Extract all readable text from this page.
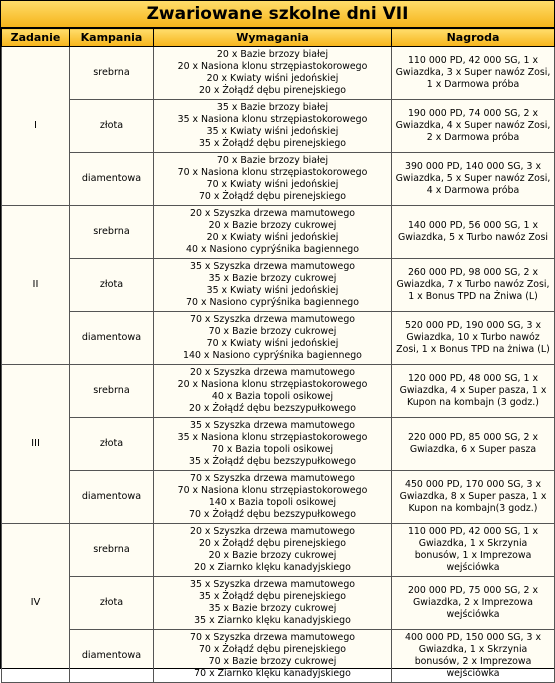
Zwariowane szkolne dni VII
Zadanie	Kampania	Wymagania	Nagroda
I	srebrna	20 x Bazie brzozy białej
20 x Nasiona klonu strzępiastokorowego
20 x Kwiaty wiśni jedońskiej
20 x Żołądź dębu pirenejskiego	110 000 PD, 42 000 SG, 1 x Gwiazdka, 3 x Super nawóz Zosi, 1 x Darmowa próba
	złota	35 x Bazie brzozy białej
35 x Nasiona klonu strzępiastokorowego
35 x Kwiaty wiśni jedońskiej
35 x Żołądź dębu pirenejskiego	190 000 PD, 74 000 SG, 2 x Gwiazdka, 4 x Super nawóz Zosi, 2 x Darmowa próba
	diamentowa	70 x Bazie brzozy białej
70 x Nasiona klonu strzępiastokorowego
70 x Kwiaty wiśni jedońskiej
70 x Żołądź dębu pirenejskiego	390 000 PD, 140 000 SG, 3 x Gwiazdka, 5 x Super nawóz Zosi, 4 x Darmowa próba
II	srebrna	20 x Szyszka drzewa mamutowego
20 x Bazie brzozy cukrowej
20 x Kwiaty wiśni jedońskiej
40 x Nasiono cyprýśnika bagiennego	140 000 PD, 56 000 SG, 1 x Gwiazdka, 5 x Turbo nawóz Zosi
	złota	35 x Szyszka drzewa mamutowego
35 x Bazie brzozy cukrowej
35 x Kwiaty wiśni jedońskiej
70 x Nasiono cyprýśnika bagiennego	260 000 PD, 98 000 SG, 2 x Gwiazdka, 7 x Turbo nawóz Zosi, 1 x Bonus TPD na Żniwa (L)
	diamentowa	70 x Szyszka drzewa mamutowego
70 x Bazie brzozy cukrowej
70 x Kwiaty wiśni jedońskiej
140 x Nasiono cyprýśnika bagiennego	520 000 PD, 190 000 SG, 3 x Gwiazdka, 10 x Turbo nawóz Zosi, 1 x Bonus TPD na żniwa (L)
III	srebrna	20 x Szyszka drzewa mamutowego
20 x Nasiona klonu strzępiastokorowego
40 x Bazia topoli osikowej
20 x Żołądź dębu bezszypułkowego	120 000 PD, 48 000 SG, 1 x Gwiazdka, 4 x Super pasza, 1 x Kupon na kombajn (3 godz.)
	złota	35 x Szyszka drzewa mamutowego
35 x Nasiona klonu strzępiastokorowego
70 x Bazia topoli osikowej
35 x Żołądź dębu bezszypułkowego	220 000 PD, 85 000 SG, 2 x Gwiazdka, 6 x Super pasza
	diamentowa	70 x Szyszka drzewa mamutowego
70 x Nasiona klonu strzępiastokorowego
140 x Bazia topoli osikowej
70 x Żołądź dębu bezszypułkowego	450 000 PD, 170 000 SG, 3 x Gwiazdka, 8 x Super pasza, 1 x Kupon na kombajn(3 godz.)
IV	srebrna	20 x Szyszka drzewa mamutowego
20 x Żołądź dębu pirenejskiego
20 x Bazie brzozy cukrowej
20 x Ziarnko klęku kanadyjskiego	110 000 PD, 42 000 SG, 1 x Gwiazdka, 1 x Skrzynia bonusów, 1 x Imprezowa wejściówka
	złota	35 x Szyszka drzewa mamutowego
35 x Żołądź dębu pirenejskiego
35 x Bazie brzozy cukrowej
35 x Ziarnko klęku kanadyjskiego	200 000 PD, 75 000 SG, 2 x Gwiazdka, 2 x Imprezowa wejściówka
	diamentowa	70 x Szyszka drzewa mamutowego
70 x Żołądź dębu pirenejskiego
70 x Bazie brzozy cukrowej
70 x Ziarnko klęku kanadyjskiego	400 000 PD, 150 000 SG, 3 x Gwiazdka, 1 x Skrzynia bonusów, 2 x Imprezowa wejściówka
